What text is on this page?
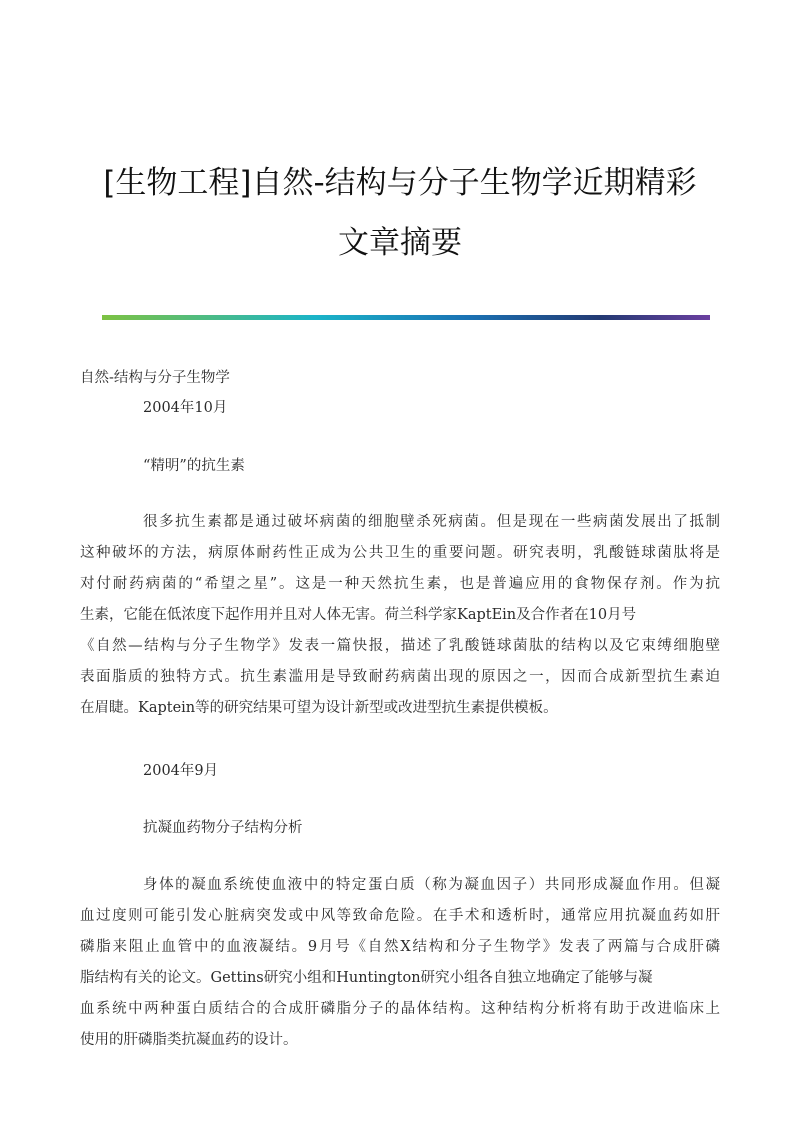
[生物工程]自然-结构与分子生物学近期精彩
文章摘要
自然-结构与分子生物学
2004年10月
“精明”的抗生素
很多抗生素都是通过破坏病菌的细胞壁杀死病菌。但是现在一些病菌发展出了抵制
这种破坏的方法，病原体耐药性正成为公共卫生的重要问题。研究表明，乳酸链球菌肽将是
对付耐药病菌的“希望之星”。这是一种天然抗生素，也是普遍应用的食物保存剂。作为抗
生素，它能在低浓度下起作用并且对人体无害。荷兰科学家KaptEin及合作者在10月号
《自然—结构与分子生物学》发表一篇快报，描述了乳酸链球菌肽的结构以及它束缚细胞壁
表面脂质的独特方式。抗生素滥用是导致耐药病菌出现的原因之一，因而合成新型抗生素迫
在眉睫。Kaptein等的研究结果可望为设计新型或改进型抗生素提供模板。
2004年9月
抗凝血药物分子结构分析
身体的凝血系统使血液中的特定蛋白质（称为凝血因子）共同形成凝血作用。但凝
血过度则可能引发心脏病突发或中风等致命危险。在手术和透析时，通常应用抗凝血药如肝
磷脂来阻止血管中的血液凝结。9月号《自然X结构和分子生物学》发表了两篇与合成肝磷
脂结构有关的论文。Gettins研究小组和Huntington研究小组各自独立地确定了能够与凝
血系统中两种蛋白质结合的合成肝磷脂分子的晶体结构。这种结构分析将有助于改进临床上
使用的肝磷脂类抗凝血药的设计。
